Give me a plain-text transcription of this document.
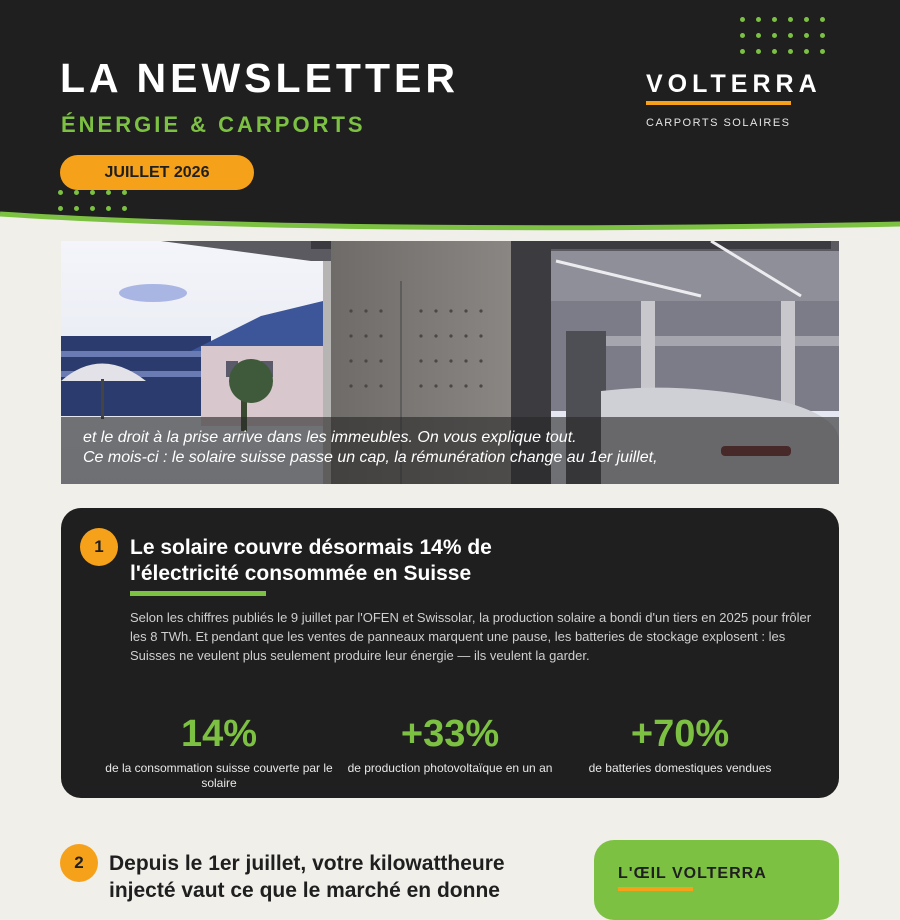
LA NEWSLETTER
ÉNERGIE & CARPORTS
JUILLET 2026
VOLTERRA
CARPORTS SOLAIRES
et le droit à la prise arrive dans les immeubles. On vous explique tout.
Ce mois-ci : le solaire suisse passe un cap, la rémunération change au 1er juillet,
1	Le solaire couvre désormais 14% de l'électricité consommée en Suisse

Selon les chiffres publiés le 9 juillet par l'OFEN et Swissolar, la production solaire a bondi d'un tiers en 2025 pour frôler les 8 TWh. Et pendant que les ventes de panneaux marquent une pause, les batteries de stockage explosent : les Suisses ne veulent plus seulement produire leur énergie — ils veulent la garder.

14%
de la consommation suisse couverte par le solaire
+33%
de production photovoltaïque en un an
+70%
de batteries domestiques vendues
2	Depuis le 1er juillet, votre kilowattheure injecté vaut ce que le marché en donne
L'ŒIL VOLTERRA
